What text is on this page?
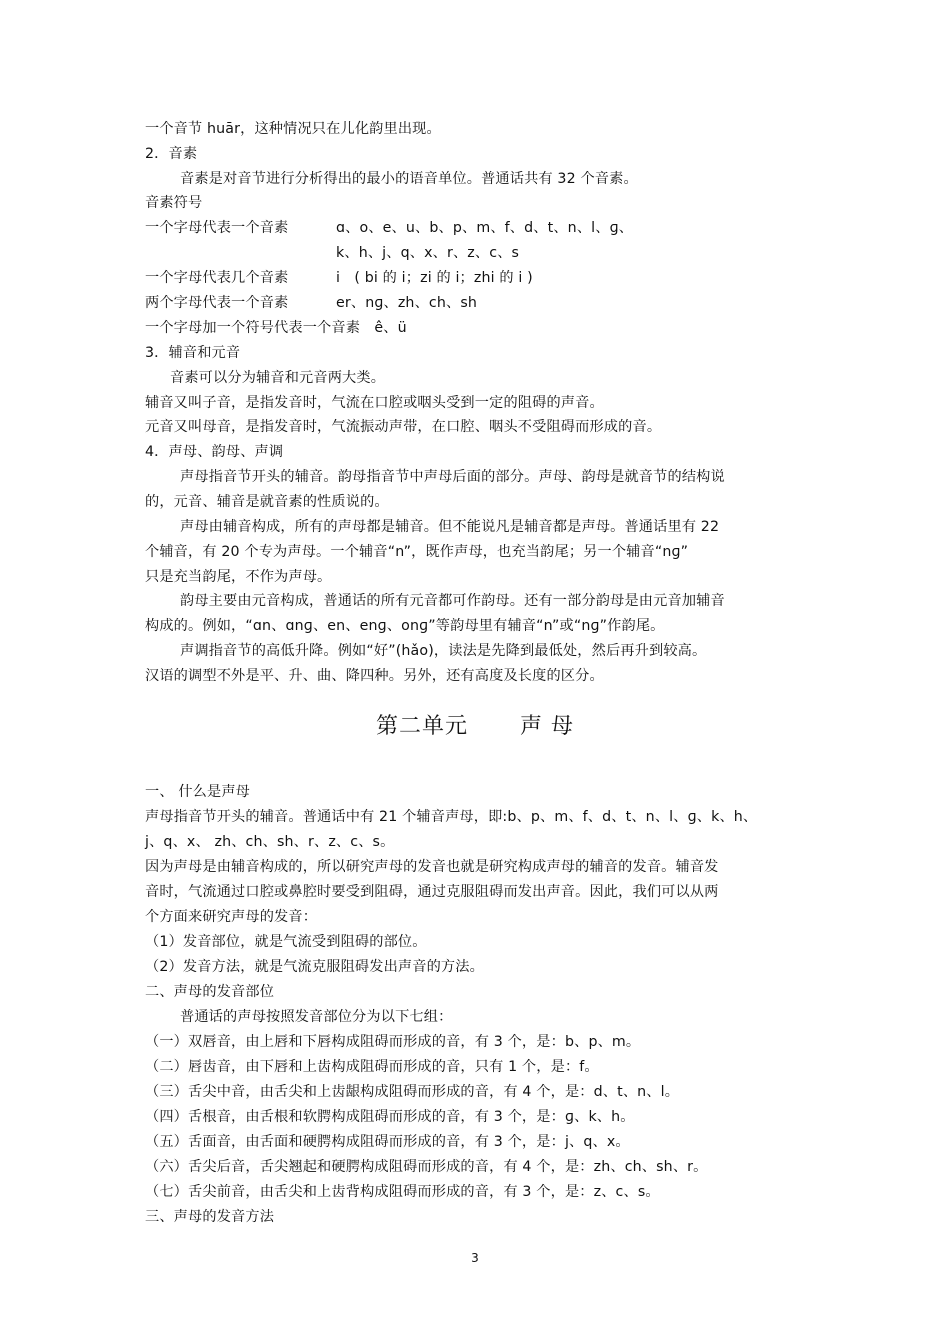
一个音节 huār，这种情况只在儿化韵里出现。
2．音素
音素是对音节进行分析得出的最小的语音单位。普通话共有 32 个音素。
音素符号
一个字母代表一个音素	ɑ、o、e、u、b、p、m、f、d、t、n、l、ɡ、
k、h、j、q、x、r、z、c、s
一个字母代表几个音素	i　( bi 的 i；zi 的 i；zhi 的 i )
两个字母代表一个音素	er、nɡ、zh、ch、sh
一个字母加一个符号代表一个音素　ê、ü
3．辅音和元音
音素可以分为辅音和元音两大类。
辅音又叫子音，是指发音时，气流在口腔或咽头受到一定的阻碍的声音。
元音又叫母音，是指发音时，气流振动声带，在口腔、咽头不受阻碍而形成的音。
4．声母、韵母、声调
声母指音节开头的辅音。韵母指音节中声母后面的部分。声母、韵母是就音节的结构说
的，元音、辅音是就音素的性质说的。
声母由辅音构成，所有的声母都是辅音。但不能说凡是辅音都是声母。普通话里有 22
个辅音，有 20 个专为声母。一个辅音“n”，既作声母，也充当韵尾；另一个辅音“nɡ”
只是充当韵尾，不作为声母。
韵母主要由元音构成，普通话的所有元音都可作韵母。还有一部分韵母是由元音加辅音
构成的。例如，“ɑn、ɑnɡ、en、enɡ、onɡ”等韵母里有辅音“n”或“nɡ”作韵尾。
声调指音节的高低升降。例如“好”(hǎo)，读法是先降到最低处，然后再升到较高。
汉语的调型不外是平、升、曲、降四种。另外，还有高度及长度的区分。
第二单元 声 母
一、 什么是声母
声母指音节开头的辅音。普通话中有 21 个辅音声母，即:b、p、m、f、d、t、n、l、ɡ、k、h、
j、q、x、 zh、ch、sh、r、z、c、s。
因为声母是由辅音构成的，所以研究声母的发音也就是研究构成声母的辅音的发音。辅音发
音时，气流通过口腔或鼻腔时要受到阻碍，通过克服阻碍而发出声音。因此，我们可以从两
个方面来研究声母的发音：
（1）发音部位，就是气流受到阻碍的部位。
（2）发音方法，就是气流克服阻碍发出声音的方法。
二、声母的发音部位
普通话的声母按照发音部位分为以下七组：
（一）双唇音，由上唇和下唇构成阻碍而形成的音，有 3 个，是：b、p、m。
（二）唇齿音，由下唇和上齿构成阻碍而形成的音，只有 1 个，是：f。
（三）舌尖中音，由舌尖和上齿龈构成阻碍而形成的音，有 4 个，是：d、t、n、l。
（四）舌根音，由舌根和软腭构成阻碍而形成的音，有 3 个，是：ɡ、k、h。
（五）舌面音，由舌面和硬腭构成阻碍而形成的音，有 3 个，是：j、q、x。
（六）舌尖后音，舌尖翘起和硬腭构成阻碍而形成的音，有 4 个，是：zh、ch、sh、r。
（七）舌尖前音，由舌尖和上齿背构成阻碍而形成的音，有 3 个，是：z、c、s。
三、声母的发音方法
3
